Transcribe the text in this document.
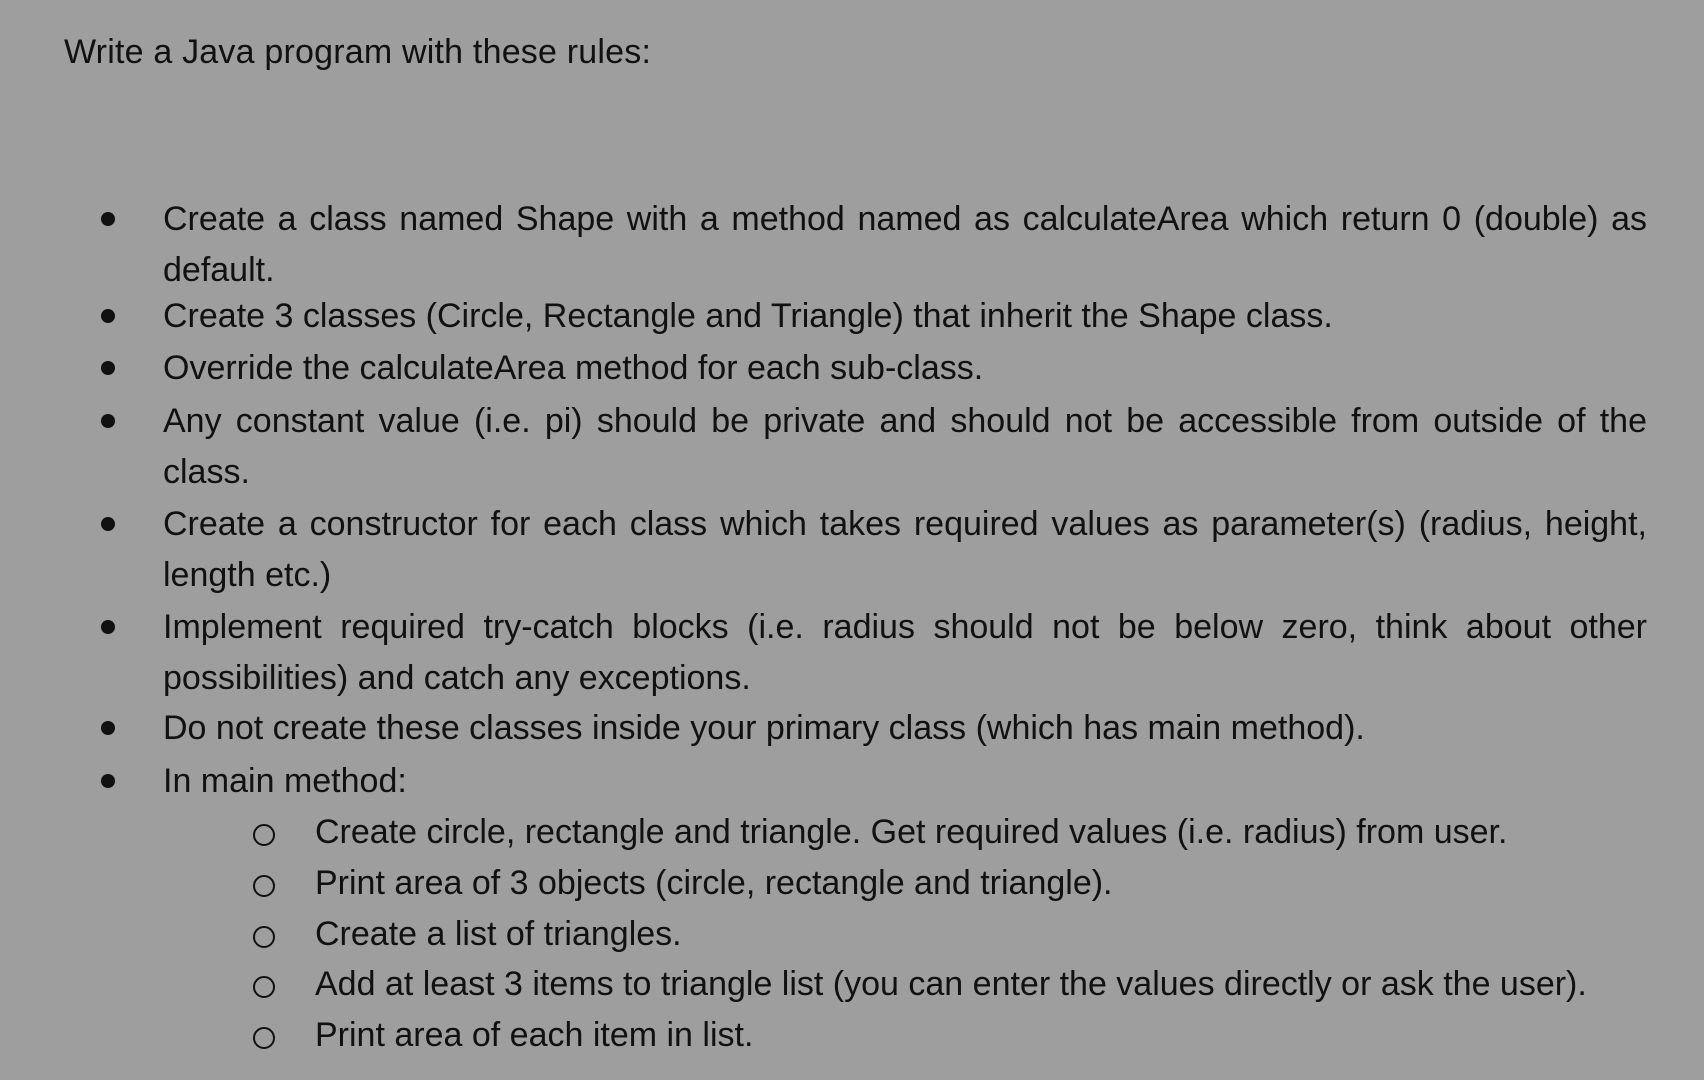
Write a Java program with these rules:
Create a class named Shape with a method named as calculateArea which return 0 (double) as default.
Create 3 classes (Circle, Rectangle and Triangle) that inherit the Shape class.
Override the calculateArea method for each sub-class.
Any constant value (i.e. pi) should be private and should not be accessible from outside of the class.
Create a constructor for each class which takes required values as parameter(s) (radius, height, length etc.)
Implement required try-catch blocks (i.e. radius should not be below zero, think about other possibilities) and catch any exceptions.
Do not create these classes inside your primary class (which has main method).
In main method:
Create circle, rectangle and triangle. Get required values (i.e. radius) from user.
Print area of 3 objects (circle, rectangle and triangle).
Create a list of triangles.
Add at least 3 items to triangle list (you can enter the values directly or ask the user).
Print area of each item in list.
